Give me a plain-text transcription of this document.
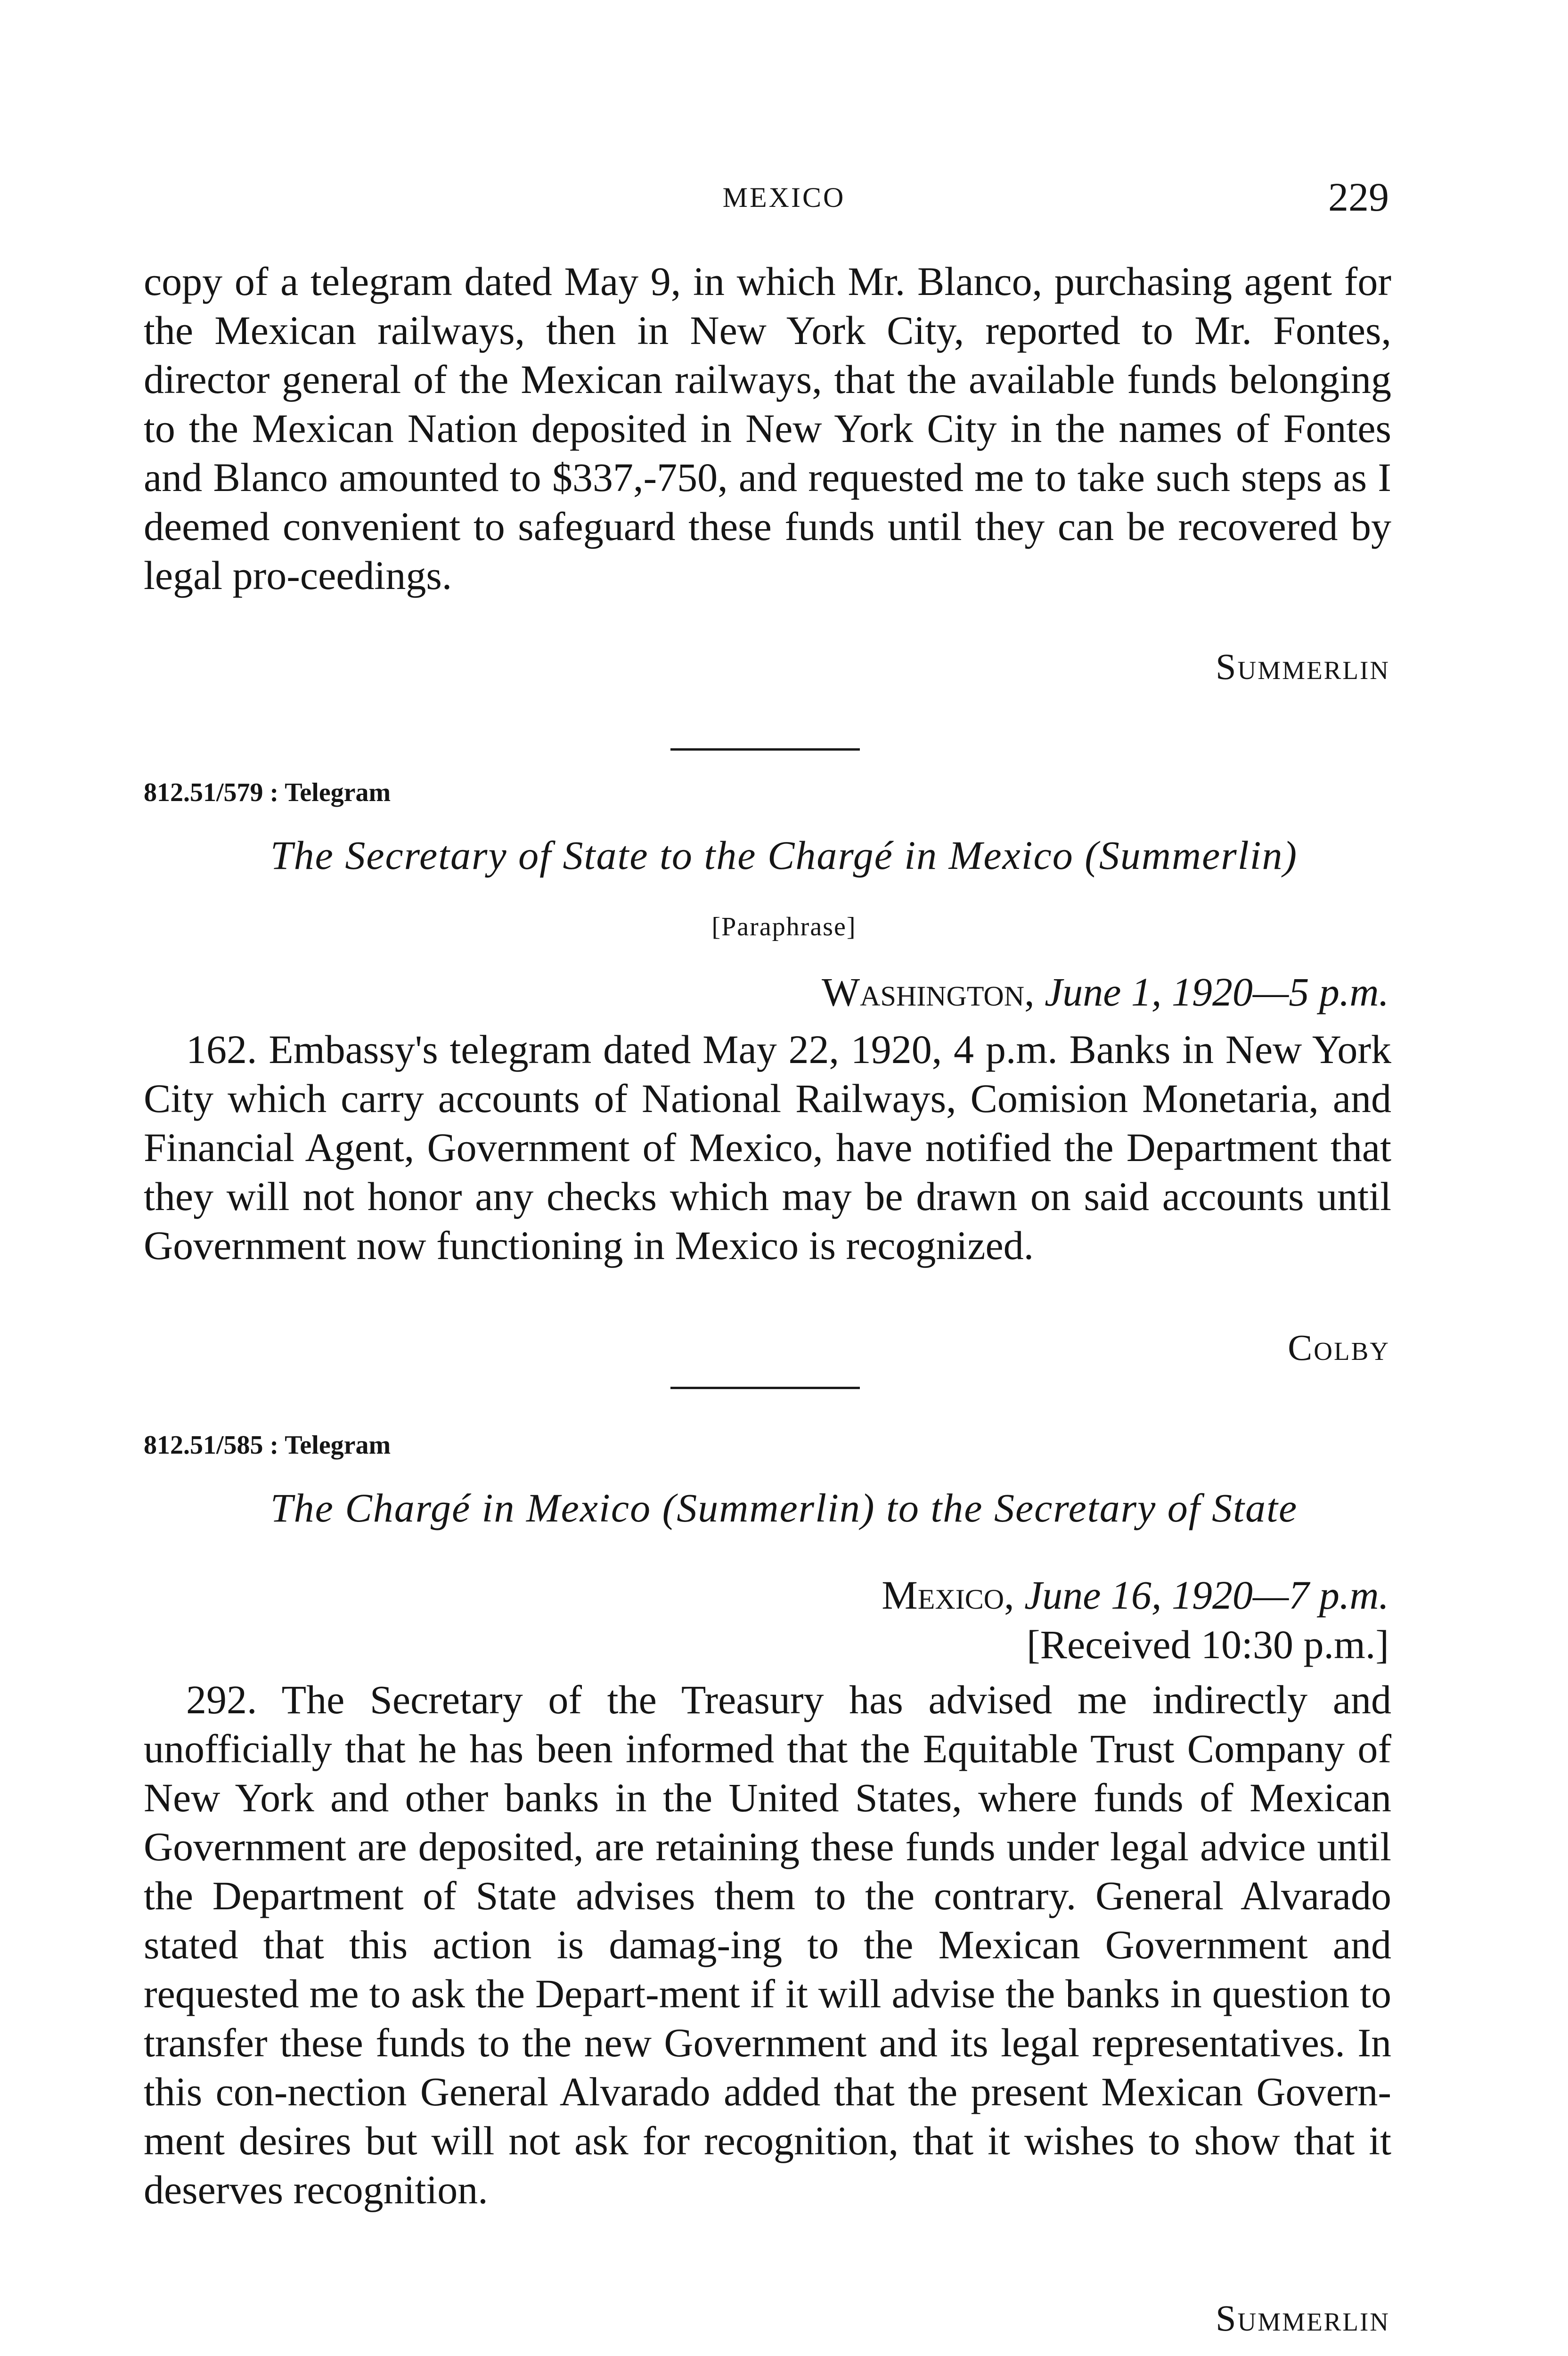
MEXICO	229

copy of a telegram dated May 9, in which Mr. Blanco, purchasing agent for the Mexican railways, then in New York City, reported to Mr. Fontes, director general of the Mexican railways, that the available funds belonging to the Mexican Nation deposited in New York City in the names of Fontes and Blanco amounted to $337,-750, and requested me to take such steps as I deemed convenient to safeguard these funds until they can be recovered by legal pro-ceedings.

Summerlin
812.51/579 : Telegram
The Secretary of State to the Chargé in Mexico (Summerlin)
[Paraphrase]
Washington, June 1, 1920—5 p.m.

162. Embassy's telegram dated May 22, 1920, 4 p.m. Banks in New York City which carry accounts of National Railways, Comision Monetaria, and Financial Agent, Government of Mexico, have notified the Department that they will not honor any checks which may be drawn on said accounts until Government now functioning in Mexico is recognized.

Colby
812.51/585 : Telegram
The Chargé in Mexico (Summerlin) to the Secretary of State
Mexico, June 16, 1920—7 p.m.
[Received 10:30 p.m.]

292. The Secretary of the Treasury has advised me indirectly and unofficially that he has been informed that the Equitable Trust Company of New York and other banks in the United States, where funds of Mexican Government are deposited, are retaining these funds under legal advice until the Department of State advises them to the contrary. General Alvarado stated that this action is damag-ing to the Mexican Government and requested me to ask the Depart-ment if it will advise the banks in question to transfer these funds to the new Government and its legal representatives. In this con-nection General Alvarado added that the present Mexican Govern-ment desires but will not ask for recognition, that it wishes to show that it deserves recognition.

Summerlin
